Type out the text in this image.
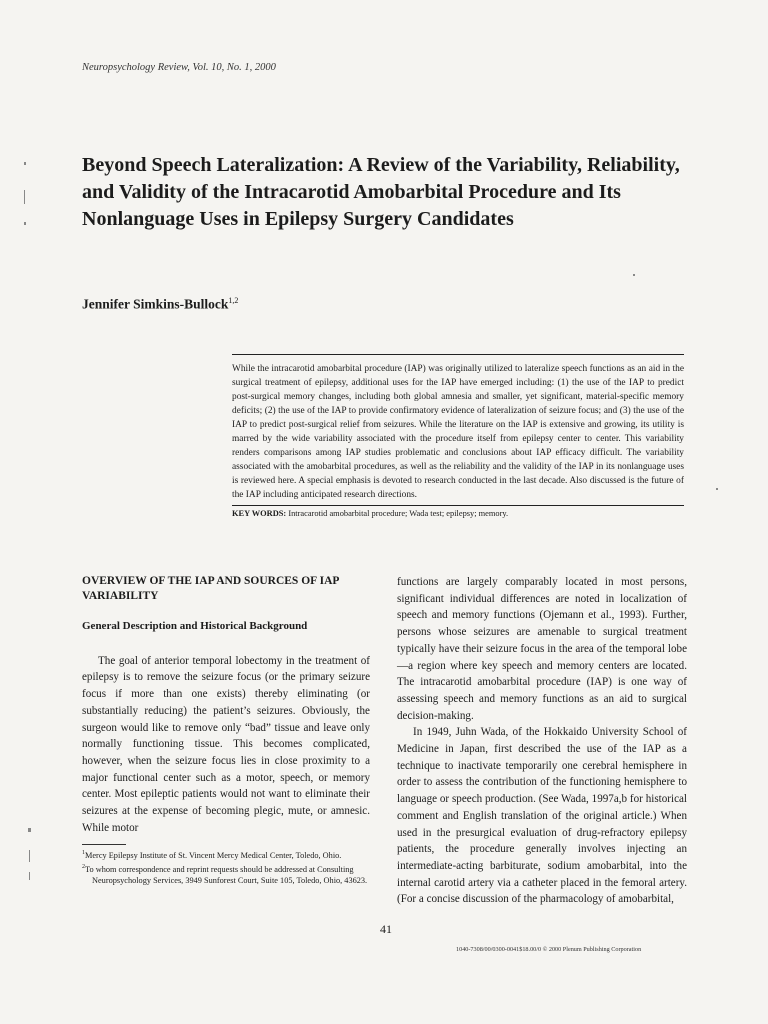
Neuropsychology Review, Vol. 10, No. 1, 2000
Beyond Speech Lateralization: A Review of the Variability, Reliability, and Validity of the Intracarotid Amobarbital Procedure and Its Nonlanguage Uses in Epilepsy Surgery Candidates
Jennifer Simkins-Bullock$^{1,2}$
While the intracarotid amobarbital procedure (IAP) was originally utilized to lateralize speech functions as an aid in the surgical treatment of epilepsy, additional uses for the IAP have emerged including: (1) the use of the IAP to predict post-surgical memory changes, including both global amnesia and smaller, yet significant, material-specific memory deficits; (2) the use of the IAP to provide confirmatory evidence of lateralization of seizure focus; and (3) the use of the IAP to predict post-surgical relief from seizures. While the literature on the IAP is extensive and growing, its utility is marred by the wide variability associated with the procedure itself from epilepsy center to center. This variability renders comparisons among IAP studies problematic and conclusions about IAP efficacy difficult. The variability associated with the amobarbital procedures, as well as the reliability and the validity of the IAP in its nonlanguage uses is reviewed here. A special emphasis is devoted to research conducted in the last decade. Also discussed is the future of the IAP including anticipated research directions.
KEY WORDS: Intracarotid amobarbital procedure; Wada test; epilepsy; memory.
OVERVIEW OF THE IAP AND SOURCES OF IAP VARIABILITY
General Description and Historical Background

The goal of anterior temporal lobectomy in the treatment of epilepsy is to remove the seizure focus (or the primary seizure focus if more than one exists) thereby eliminating (or substantially reducing) the patient’s seizures. Obviously, the surgeon would like to remove only “bad” tissue and leave only normally functioning tissue. This becomes complicated, however, when the seizure focus lies in close proximity to a major functional center such as a motor, speech, or memory center. Most epileptic patients would not want to eliminate their seizures at the expense of becoming plegic, mute, or amnesic. While motor

$^1$Mercy Epilepsy Institute of St. Vincent Mercy Medical Center, Toledo, Ohio.

$^2$To whom correspondence and reprint requests should be addressed at Consulting Neuropsychology Services, 3949 Sunforest Court, Suite 105, Toledo, Ohio, 43623.

functions are largely comparably located in most persons, significant individual differences are noted in localization of speech and memory functions (Ojemann et al., 1993). Further, persons whose seizures are amenable to surgical treatment typically have their seizure focus in the area of the temporal lobe—a region where key speech and memory centers are located. The intracarotid amobarbital procedure (IAP) is one way of assessing speech and memory functions as an aid to surgical decision-making.

In 1949, Juhn Wada, of the Hokkaido University School of Medicine in Japan, first described the use of the IAP as a technique to inactivate temporarily one cerebral hemisphere in order to assess the contribution of the functioning hemisphere to language or speech production. (See Wada, 1997a,b for historical comment and English translation of the original article.) When used in the presurgical evaluation of drug-refractory epilepsy patients, the procedure generally involves injecting an intermediate-acting barbiturate, sodium amobarbital, into the internal carotid artery via a catheter placed in the femoral artery. (For a concise discussion of the pharmacology of amobarbital,

41
1040-7308/00/0300-0041$18.00/0 © 2000 Plenum Publishing Corporation
